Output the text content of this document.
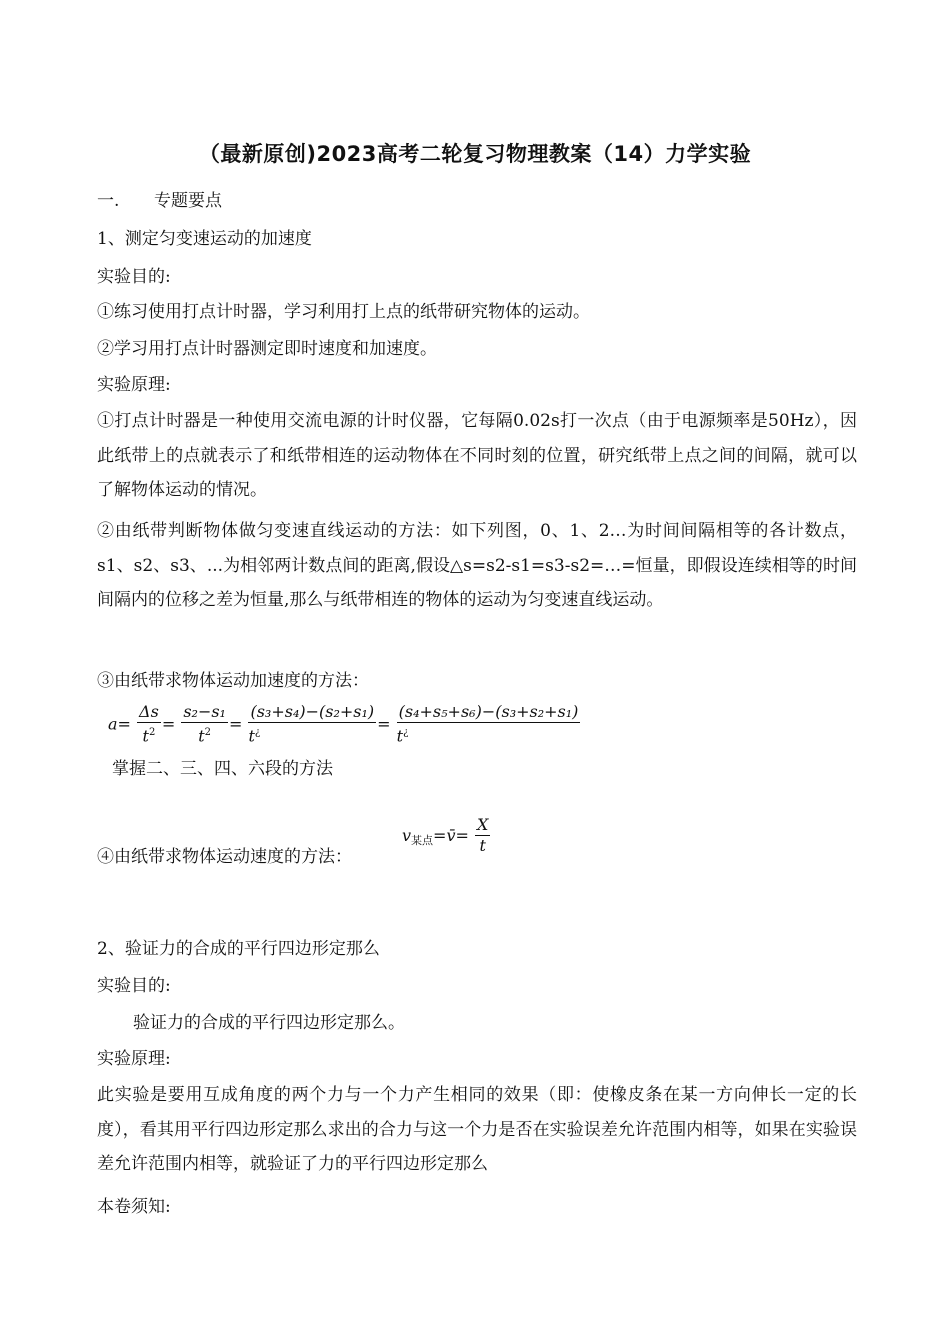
（最新原创)2023高考二轮复习物理教案（14）力学实验
一. 专题要点
1、测定匀变速运动的加速度
实验目的:
①练习使用打点计时器，学习利用打上点的纸带研究物体的运动。
②学习用打点计时器测定即时速度和加速度。
实验原理:
①打点计时器是一种使用交流电源的计时仪器，它每隔0.02s打一次点（由于电源频率是50Hz），因此纸带上的点就表示了和纸带相连的运动物体在不同时刻的位置，研究纸带上点之间的间隔，就可以了解物体运动的情况。
②由纸带判断物体做匀变速直线运动的方法：如下列图，0、1、2…为时间间隔相等的各计数点，s1、s2、s3、...为相邻两计数点间的距离,假设△s=s2-s1=s3-s2=…=恒量，即假设连续相等的时间间隔内的位移之差为恒量,那么与纸带相连的物体的运动为匀变速直线运动。
③由纸带求物体运动加速度的方法：
$a= \frac{\Delta s}{t^2} = \frac{\text{s₂−s₁}}{t^2} = \frac{\text{(s₃+s₄)−(s₂+s₁)}}{t^¿} = \frac{\text{(s₄+s₅+s₆)−(s₃+s₂+s₁)}}{t^¿}$
掌握二、三、四、六段的方法
④由纸带求物体运动速度的方法：
$v_{某点}=v̄= \frac{X}{t}$
2、验证力的合成的平行四边形定那么
实验目的:
验证力的合成的平行四边形定那么。
实验原理:
此实验是要用互成角度的两个力与一个力产生相同的效果（即：使橡皮条在某一方向伸长一定的长度），看其用平行四边形定那么求出的合力与这一个力是否在实验误差允许范围内相等，如果在实验误差允许范围内相等，就验证了力的平行四边形定那么
本卷须知:
